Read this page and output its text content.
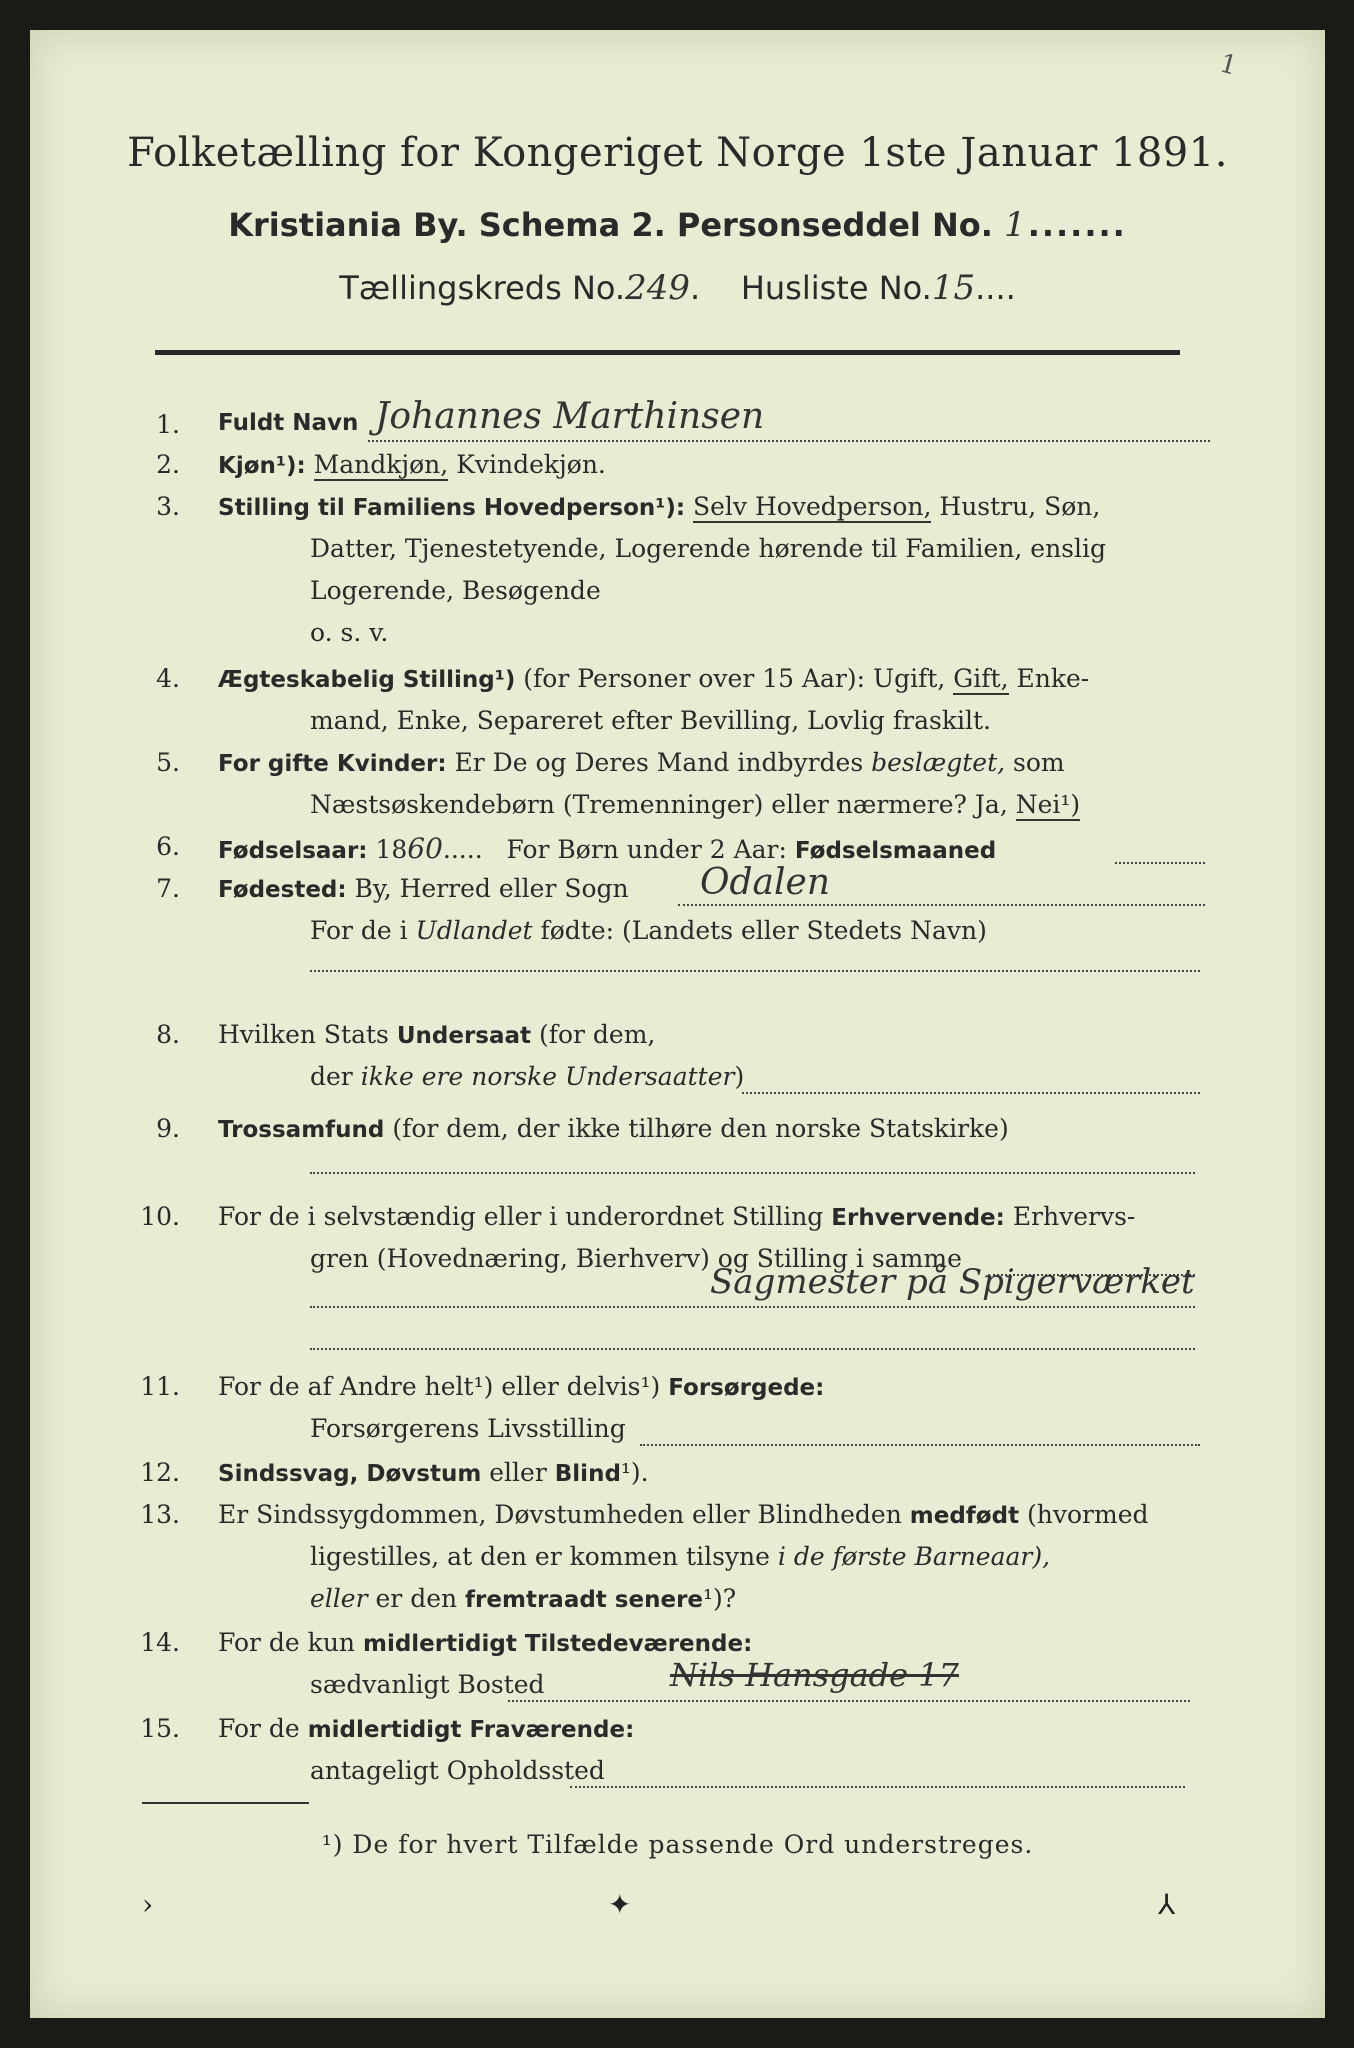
1
Folketælling for Kongeriget Norge 1ste Januar 1891.
Kristiania By. Schema 2. Personseddel No. 1.......
Tællingskreds No.249.    Husliste No.15....
1. Fuldt Navn Johannes Marthinsen
2. Kjøn¹): Mandkjøn, Kvindekjøn.
3. Stilling til Familiens Hovedperson¹): Selv Hovedperson, Hustru, Søn,
Datter, Tjenestetyende, Logerende hørende til Familien, enslig
Logerende, Besøgende
o. s. v.
4. Ægteskabelig Stilling¹) (for Personer over 15 Aar): Ugift, Gift, Enke-
mand, Enke, Separeret efter Bevilling, Lovlig fraskilt.
5. For gifte Kvinder: Er De og Deres Mand indbyrdes beslægtet, som
Næstsøskendebørn (Tremenninger) eller nærmere? Ja, Nei¹)
6. Fødselsaar: 1860.....   For Børn under 2 Aar: Fødselsmaaned
7. Fødested: By, Herred eller Sogn Odalen
For de i Udlandet fødte: (Landets eller Stedets Navn)
8. Hvilken Stats Undersaat (for dem,
der ikke ere norske Undersaatter)
9. Trossamfund (for dem, der ikke tilhøre den norske Statskirke)
10. For de i selvstændig eller i underordnet Stilling Erhvervende: Erhvervs-
gren (Hovednæring, Bierhverv) og Stilling i samme
Sagmester på Spigerværket
11. For de af Andre helt¹) eller delvis¹) Forsørgede:
Forsørgerens Livsstilling
12. Sindssvag, Døvstum eller Blind¹).
13. Er Sindssygdommen, Døvstumheden eller Blindheden medfødt (hvormed
ligestilles, at den er kommen tilsyne i de første Barneaar),
eller er den fremtraadt senere¹)?
14. For de kun midlertidigt Tilstedeværende:
sædvanligt Bosted	Nils Hansgade 17
15. For de midlertidigt Fraværende:
antageligt Opholdssted
¹) De for hvert Tilfælde passende Ord understreges.
›	✦	⅄
